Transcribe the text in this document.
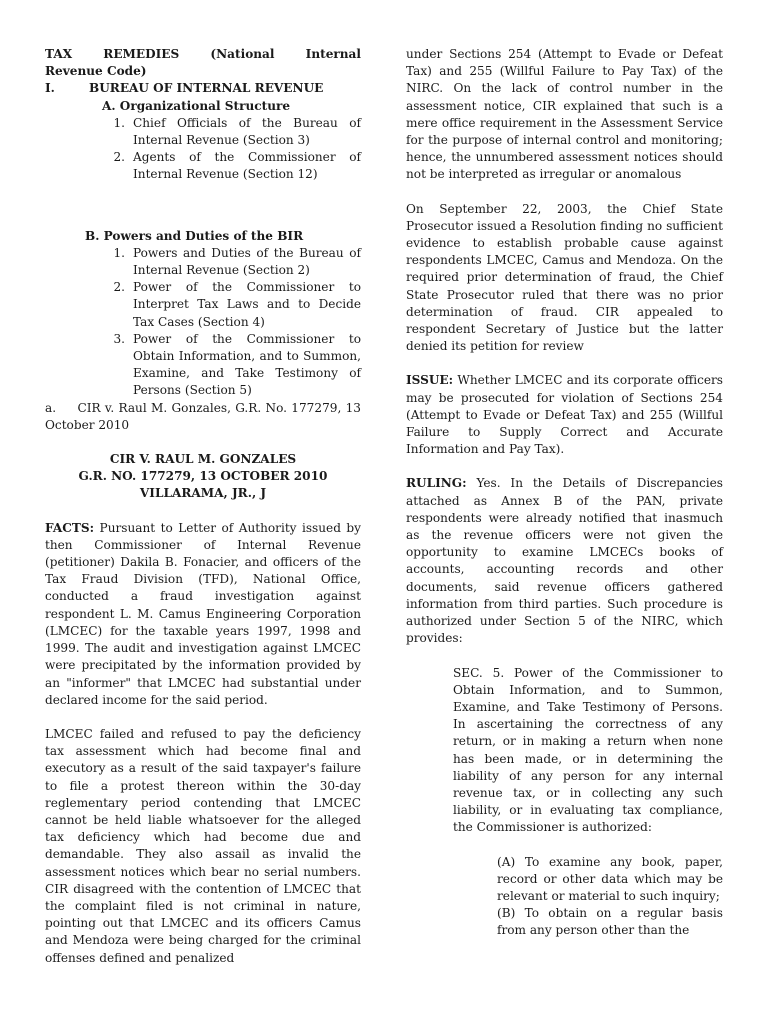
TAX	REMEDIES	(National	Internal

Revenue Code)

I.	BUREAU OF INTERNAL REVENUE

A. Organizational Structure

1. Chief Officials of the Bureau of Internal Revenue (Section 3)
2. Agents of the Commissioner of Internal Revenue (Section 12)

B. Powers and Duties of the BIR

1. Powers and Duties of the Bureau of Internal Revenue (Section 2)
2. Power of the Commissioner to Interpret Tax Laws and to Decide Tax Cases (Section 4)
3. Power of the Commissioner to Obtain Information, and to Summon, Examine, and Take Testimony of Persons (Section 5)

a.     CIR v. Raul M. Gonzales, G.R. No. 177279, 13 October 2010

CIR V. RAUL M. GONZALES

G.R. NO. 177279, 13 OCTOBER 2010

VILLARAMA, JR., J

FACTS: Pursuant to Letter of Authority issued by then Commissioner of Internal Revenue (petitioner) Dakila B. Fonacier, and officers of the Tax Fraud Division (TFD), National Office, conducted a fraud investigation against respondent L. M. Camus Engineering Corporation (LMCEC) for the taxable years 1997, 1998 and 1999. The audit and investigation against LMCEC were precipitated by the information provided by an "informer" that LMCEC had substantial under declared income for the said period.

LMCEC failed and refused to pay the deficiency tax assessment which had become final and executory as a result of the said taxpayer's failure to file a protest thereon within the 30-day reglementary period contending that LMCEC cannot be held liable whatsoever for the alleged tax deficiency which had become due and demandable. They also assail as invalid the assessment notices which bear no serial numbers. CIR disagreed with the contention of LMCEC that the complaint filed is not criminal in nature, pointing out that LMCEC and its officers Camus and Mendoza were being charged for the criminal offenses defined and penalized

under Sections 254 (Attempt to Evade or Defeat Tax) and 255 (Willful Failure to Pay Tax) of the NIRC. On the lack of control number in the assessment notice, CIR explained that such is a mere office requirement in the Assessment Service for the purpose of internal control and monitoring; hence, the unnumbered assessment notices should not be interpreted as irregular or anomalous

On September 22, 2003, the Chief State Prosecutor issued a Resolution finding no sufficient evidence to establish probable cause against respondents LMCEC, Camus and Mendoza. On the required prior determination of fraud, the Chief State Prosecutor ruled that there was no prior determination of fraud. CIR appealed to respondent Secretary of Justice but the latter denied its petition for review

ISSUE: Whether LMCEC and its corporate officers may be prosecuted for violation of Sections 254 (Attempt to Evade or Defeat Tax) and 255 (Willful Failure to Supply Correct and Accurate Information and Pay Tax).

RULING: Yes. In the Details of Discrepancies attached as Annex B of the PAN, private respondents were already notified that inasmuch as the revenue officers were not given the opportunity to examine LMCECs books of accounts, accounting records and other documents, said revenue officers gathered information from third parties. Such procedure is authorized under Section 5 of the NIRC, which provides:

SEC. 5. Power of the Commissioner to Obtain Information, and to Summon, Examine, and Take Testimony of Persons. In ascertaining the correctness of any return, or in making a return when none has been made, or in determining the liability of any person for any internal revenue tax, or in collecting any such liability, or in evaluating tax compliance, the Commissioner is authorized:

(A) To examine any book, paper, record or other data which may be relevant or material to such inquiry;

(B) To obtain on a regular basis from any person other than the
